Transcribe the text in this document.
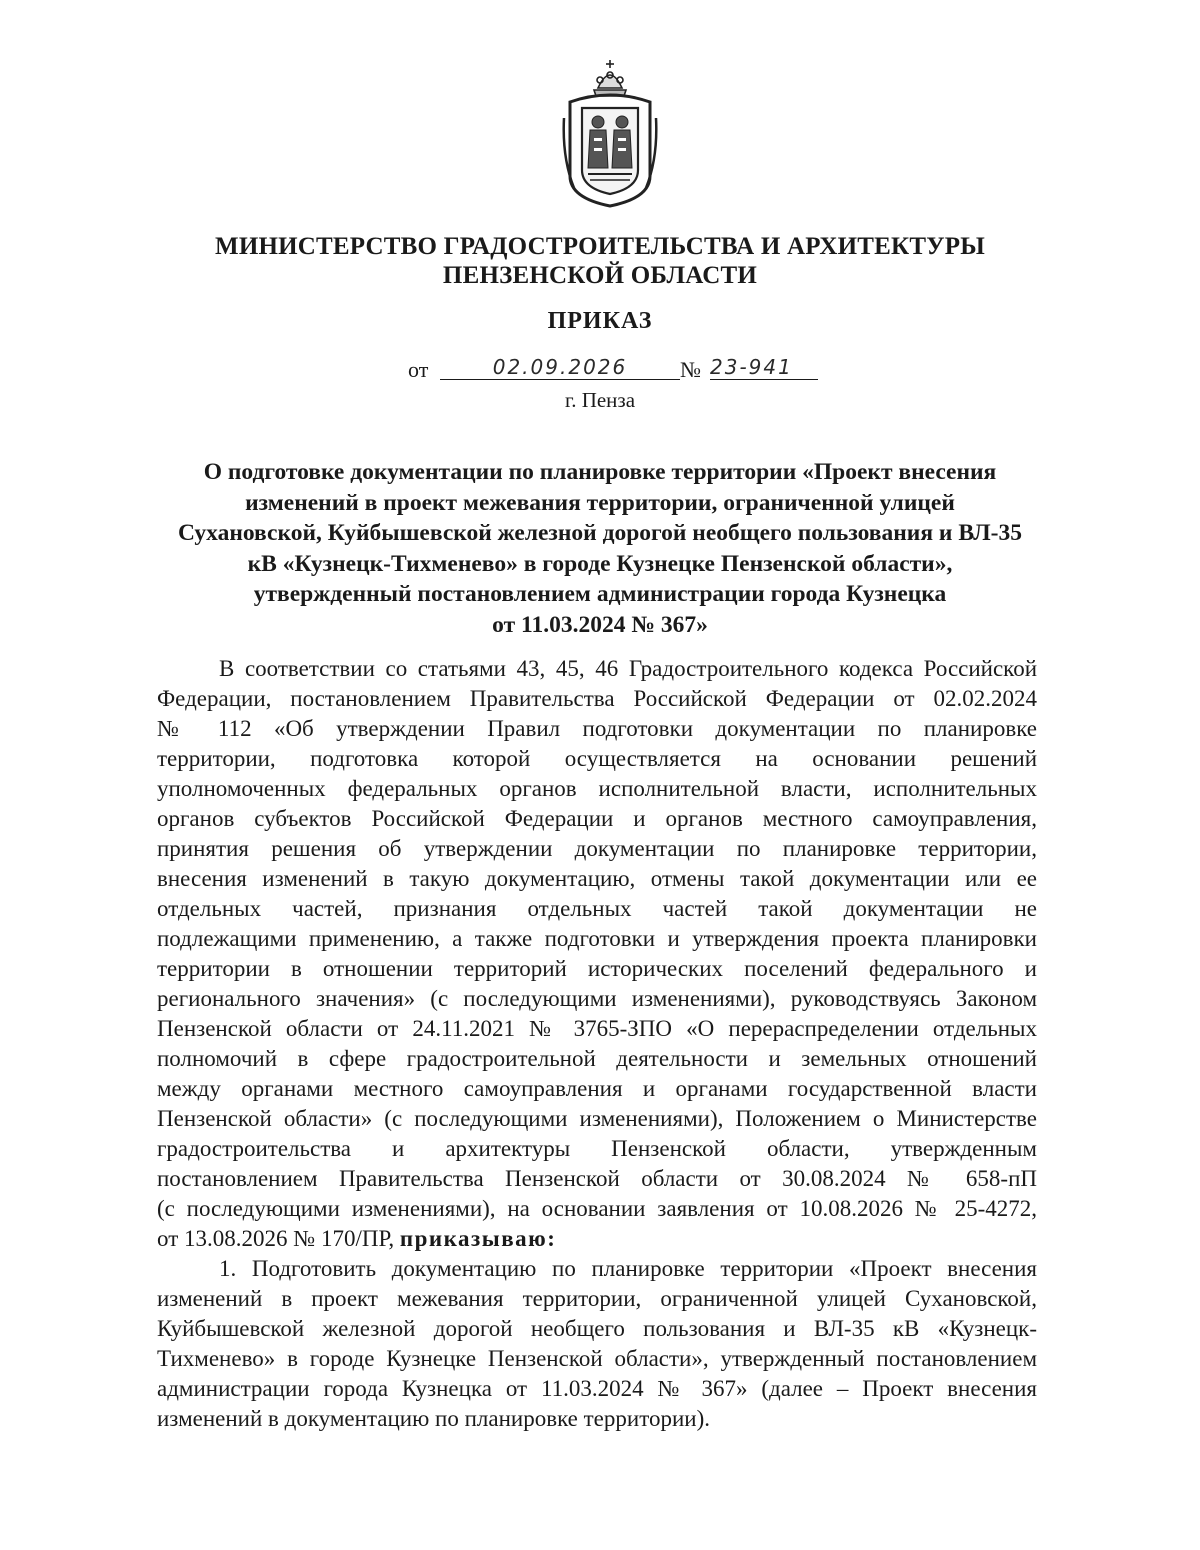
МИНИСТЕРСТВО ГРАДОСТРОИТЕЛЬСТВА И АРХИТЕКТУРЫ
ПЕНЗЕНСКОЙ ОБЛАСТИ
ПРИКАЗ
от	02.09.2026	№ 23-941
г. Пенза
О подготовке документации по планировке территории «Проект внесения
изменений в проект межевания территории, ограниченной улицей
Сухановской, Куйбышевской железной дорогой необщего пользования и ВЛ-35
кВ «Кузнецк-Тихменево» в городе Кузнецке Пензенской области»,
утвержденный постановлением администрации города Кузнецка
от 11.03.2024 № 367»
В соответствии со статьями 43, 45, 46 Градостроительного кодекса Российской
Федерации, постановлением Правительства Российской Федерации от 02.02.2024
№ 112 «Об утверждении Правил подготовки документации по планировке
территории, подготовка которой осуществляется на основании решений
уполномоченных федеральных органов исполнительной власти, исполнительных
органов субъектов Российской Федерации и органов местного самоуправления,
принятия решения об утверждении документации по планировке территории,
внесения изменений в такую документацию, отмены такой документации или ее
отдельных частей, признания отдельных частей такой документации не
подлежащими применению, а также подготовки и утверждения проекта планировки
территории в отношении территорий исторических поселений федерального и
регионального значения» (с последующими изменениями), руководствуясь Законом
Пензенской области от 24.11.2021 № 3765-ЗПО «О перераспределении отдельных
полномочий в сфере градостроительной деятельности и земельных отношений
между органами местного самоуправления и органами государственной власти
Пензенской области» (с последующими изменениями), Положением о Министерстве
градостроительства и архитектуры Пензенской области, утвержденным
постановлением Правительства Пензенской области от 30.08.2024 № 658-пП
(с последующими изменениями), на основании заявления от 10.08.2026 № 25-4272,
от 13.08.2026 № 170/ПР, приказываю:
1. Подготовить документацию по планировке территории «Проект внесения
изменений в проект межевания территории, ограниченной улицей Сухановской,
Куйбышевской железной дорогой необщего пользования и ВЛ-35 кВ «Кузнецк-
Тихменево» в городе Кузнецке Пензенской области», утвержденный постановлением
администрации города Кузнецка от 11.03.2024 № 367» (далее – Проект внесения
изменений в документацию по планировке территории).
